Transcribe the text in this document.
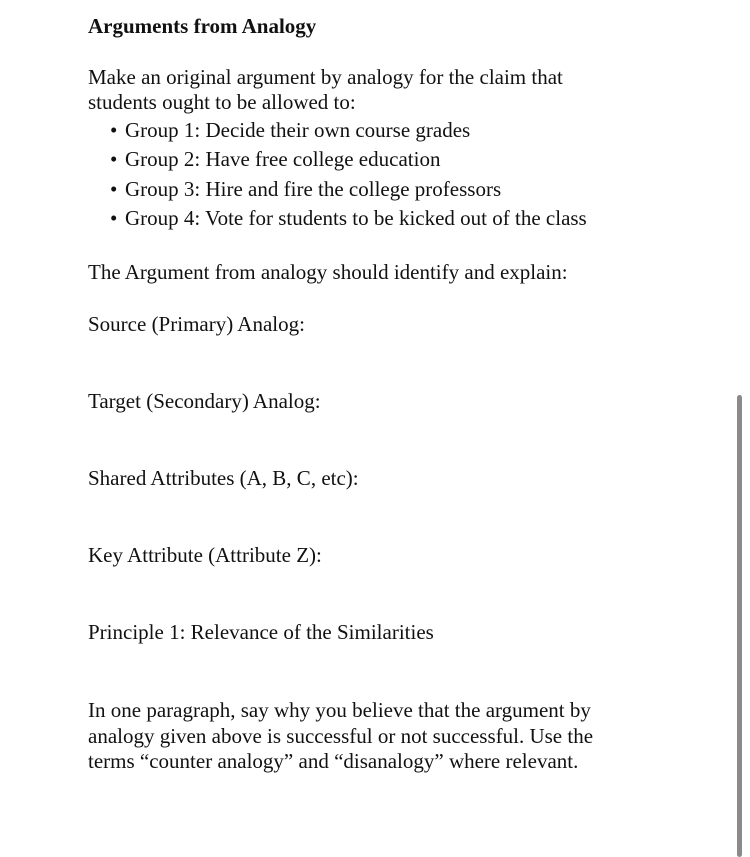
Arguments from Analogy

Make an original argument by analogy for the claim that students ought to be allowed to:

• Group 1: Decide their own course grades
• Group 2: Have free college education
• Group 3: Hire and fire the college professors
• Group 4: Vote for students to be kicked out of the class

The Argument from analogy should identify and explain:

Source (Primary) Analog:

Target (Secondary) Analog:

Shared Attributes (A, B, C, etc):

Key Attribute (Attribute Z):

Principle 1: Relevance of the Similarities

In one paragraph, say why you believe that the argument by analogy given above is successful or not successful. Use the terms “counter analogy” and “disanalogy” where relevant.
